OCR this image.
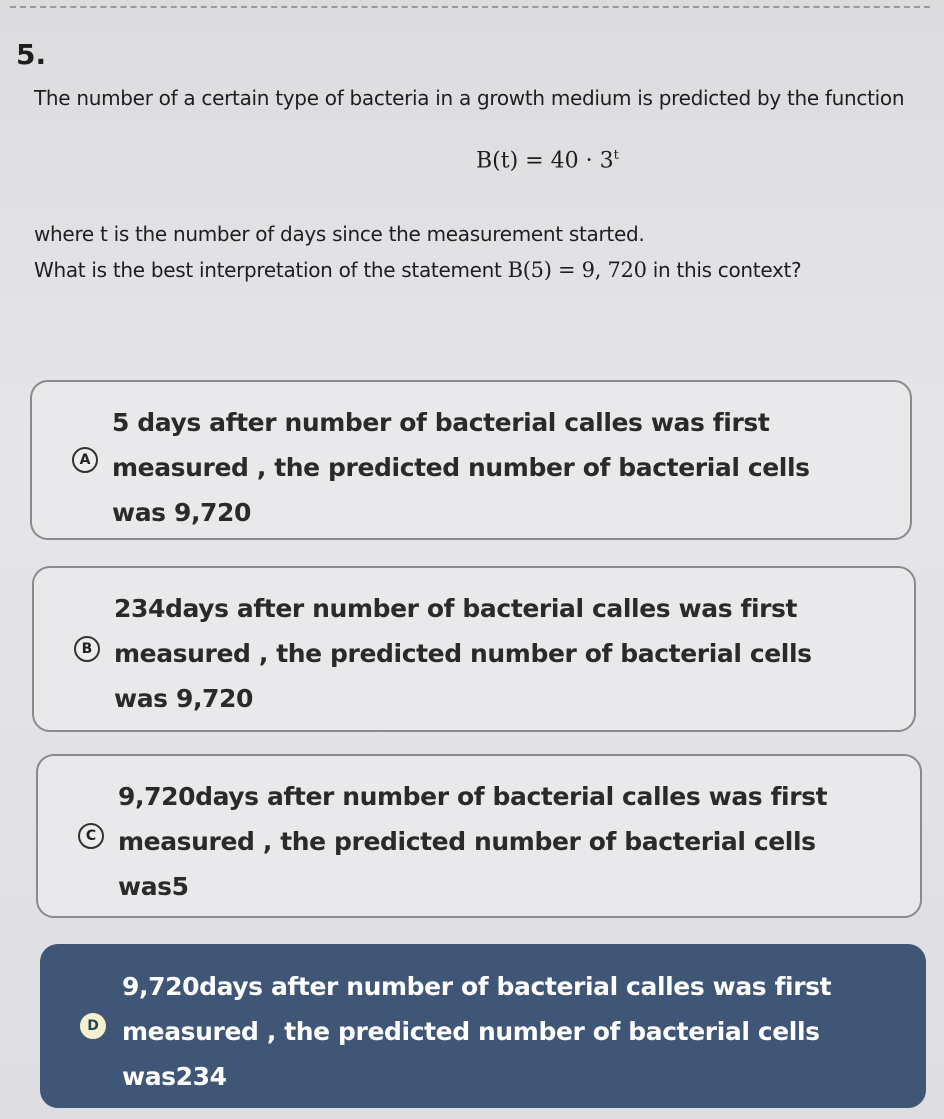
5.
The number of a certain type of bacteria in a growth medium is predicted by the function
$B(t) = 40 \cdot 3^t$
where t is the number of days since the measurement started.
What is the best interpretation of the statement B(5) = 9, 720 in this context?
A
5 days after number of bacterial calles was first
measured , the predicted number of bacterial cells
was 9,720
B
234days after number of bacterial calles was first
measured , the predicted number of bacterial cells
was 9,720
C
9,720days after number of bacterial calles was first
measured , the predicted number of bacterial cells
was5
D
9,720days after number of bacterial calles was first
measured , the predicted number of bacterial cells
was234
